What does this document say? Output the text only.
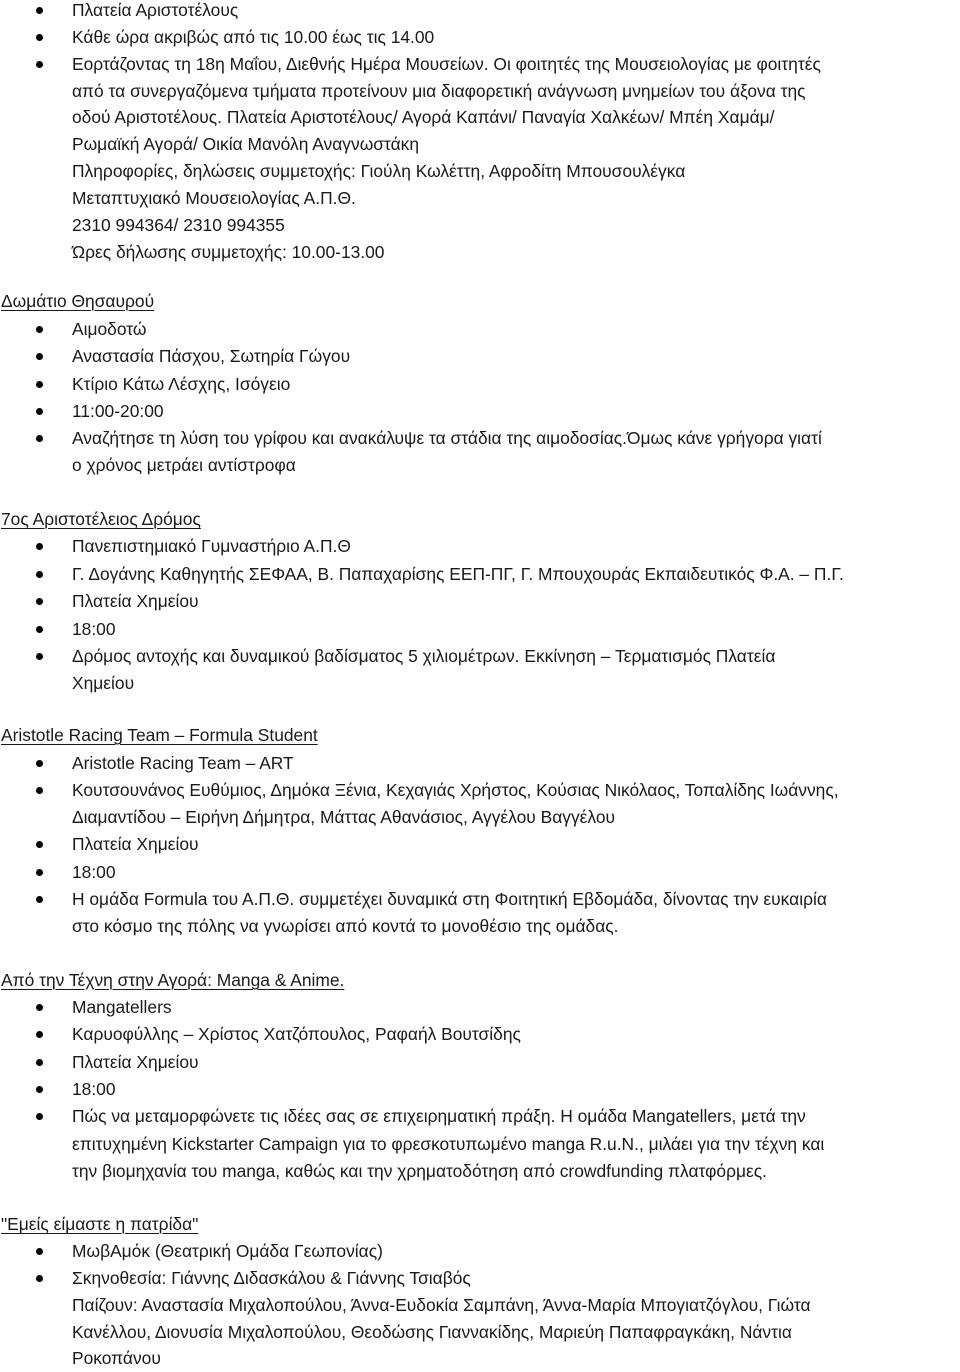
Πλατεία Αριστοτέλους
Κάθε ώρα ακριβώς από τις 10.00 έως τις 14.00
Εορτάζοντας τη 18η Μαΐου, Διεθνής Ημέρα Μουσείων. Οι φοιτητές της Μουσειολογίας με φοιτητές
από τα συνεργαζόμενα τμήματα προτείνουν μια διαφορετική ανάγνωση μνημείων του άξονα της
οδού Αριστοτέλους. Πλατεία Αριστοτέλους/ Αγορά Καπάνι/ Παναγία Χαλκέων/ Μπέη Χαμάμ/
Ρωμαϊκή Αγορά/ Οικία Μανόλη Αναγνωστάκη
Πληροφορίες, δηλώσεις συμμετοχής: Γιούλη Κωλέττη, Αφροδίτη Μπουσουλέγκα
Μεταπτυχιακό Μουσειολογίας Α.Π.Θ.
2310 994364/ 2310 994355
Ώρες δήλωσης συμμετοχής: 10.00-13.00
Δωμάτιο Θησαυρού
Αιμοδοτώ
Αναστασία Πάσχου, Σωτηρία Γώγου
Κτίριο Κάτω Λέσχης, Ισόγειο
11:00-20:00
Αναζήτησε τη λύση του γρίφου και ανακάλυψε τα στάδια της αιμοδοσίας.Όμως κάνε γρήγορα γιατί
ο χρόνος μετράει αντίστροφα
7ος Αριστοτέλειος Δρόμος
Πανεπιστημιακό Γυμναστήριο Α.Π.Θ
Γ. Δογάνης Καθηγητής ΣΕΦΑΑ, Β. Παπαχαρίσης ΕΕΠ-ΠΓ, Γ. Μπουχουράς Εκπαιδευτικός Φ.Α. – Π.Γ.
Πλατεία Χημείου
18:00
Δρόμος αντοχής και δυναμικού βαδίσματος 5 χιλιομέτρων. Εκκίνηση – Τερματισμός Πλατεία
Χημείου
Aristotle Racing Team – Formula Student
Aristotle Racing Team – ART
Κουτσουνάνος Ευθύμιος, Δημόκα Ξένια, Κεχαγιάς Χρήστος, Κούσιας Νικόλαος, Τοπαλίδης Ιωάννης,
Διαμαντίδου – Ειρήνη Δήμητρα, Μάττας Αθανάσιος, Αγγέλου Βαγγέλου
Πλατεία Χημείου
18:00
Η ομάδα Formula του Α.Π.Θ. συμμετέχει δυναμικά στη Φοιτητική Εβδομάδα, δίνοντας την ευκαιρία
στο κόσμο της πόλης να γνωρίσει από κοντά το μονοθέσιο της ομάδας.
Από την Τέχνη στην Αγορά: Manga & Anime.
Mangatellers
Καρυοφύλλης – Χρίστος Χατζόπουλος, Ραφαήλ Βουτσίδης
Πλατεία Χημείου
18:00
Πώς να μεταμορφώνετε τις ιδέες σας σε επιχειρηματική πράξη. Η ομάδα Mangatellers, μετά την
επιτυχημένη Kickstarter Campaign για το φρεσκοτυπωμένο manga R.u.N., μιλάει για την τέχνη και
την βιομηχανία του manga, καθώς και την χρηματοδότηση από crowdfunding πλατφόρμες.
"Εμείς είμαστε η πατρίδα"
ΜωβΑμόκ (Θεατρική Ομάδα Γεωπονίας)
Σκηνοθεσία: Γιάννης Διδασκάλου & Γιάννης Τσιαβός
Παίζουν: Αναστασία Μιχαλοπούλου, Άννα-Ευδοκία Σαμπάνη, Άννα-Μαρία Μπογιατζόγλου, Γιώτα
Κανέλλου, Διονυσία Μιχαλοπούλου, Θεοδώσης Γιαννακίδης, Μαριεύη Παπαφραγκάκη, Νάντια
Ροκοπάνου
